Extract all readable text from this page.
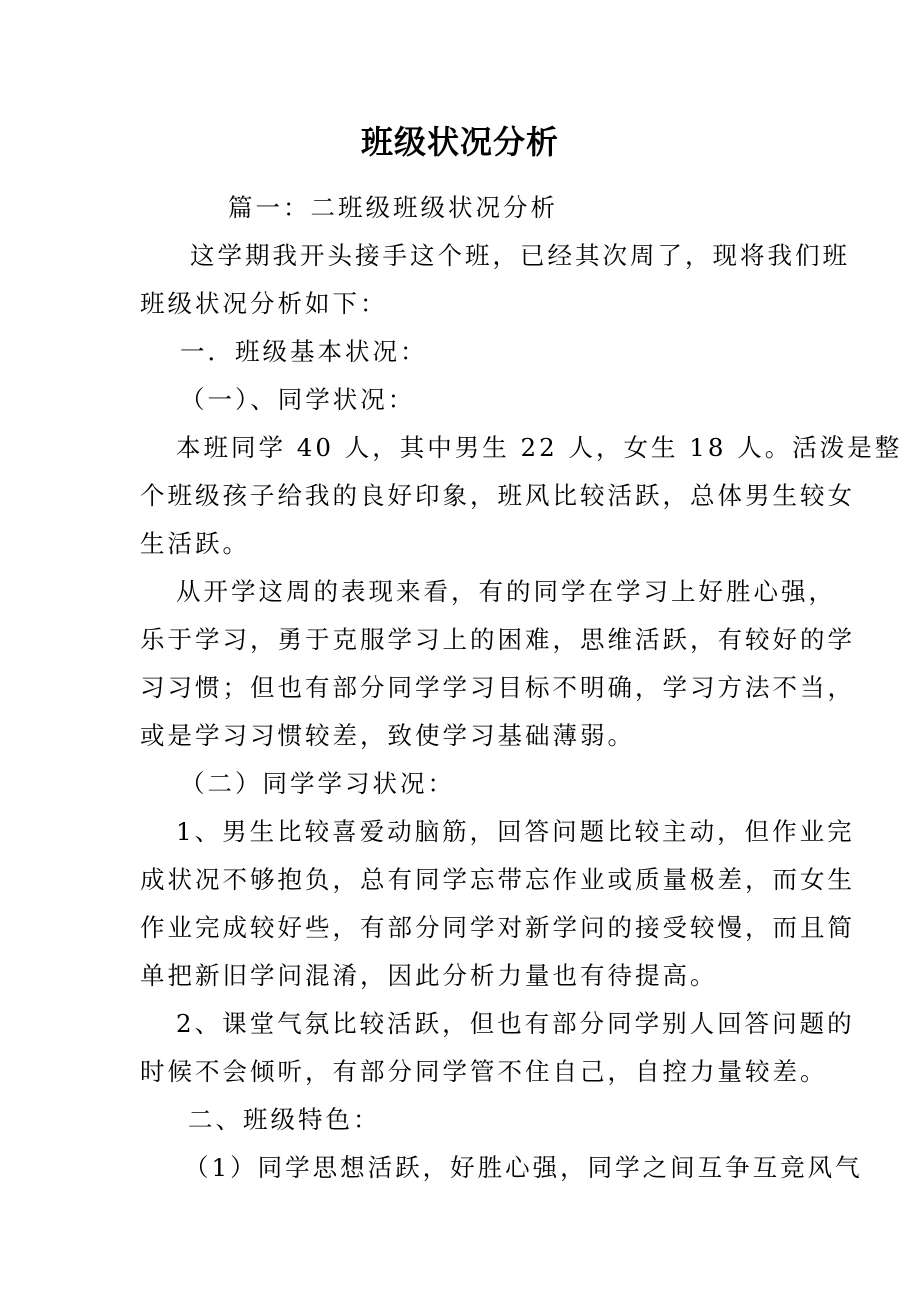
班级状况分析
篇一：二班级班级状况分析
这学期我开头接手这个班，已经其次周了，现将我们班
班级状况分析如下：
一．班级基本状况：
（一）、同学状况：
本班同学 40 人，其中男生 22 人，女生 18 人。活泼是整
个班级孩子给我的良好印象，班风比较活跃，总体男生较女
生活跃。
从开学这周的表现来看，有的同学在学习上好胜心强，
乐于学习，勇于克服学习上的困难，思维活跃，有较好的学
习习惯；但也有部分同学学习目标不明确，学习方法不当，
或是学习习惯较差，致使学习基础薄弱。
（二）同学学习状况：
1、男生比较喜爱动脑筋，回答问题比较主动，但作业完
成状况不够抱负，总有同学忘带忘作业或质量极差，而女生
作业完成较好些，有部分同学对新学问的接受较慢，而且简
单把新旧学问混淆，因此分析力量也有待提高。
2、课堂气氛比较活跃，但也有部分同学别人回答问题的
时候不会倾听，有部分同学管不住自己，自控力量较差。
二、班级特色：
（1）同学思想活跃，好胜心强，同学之间互争互竞风气
